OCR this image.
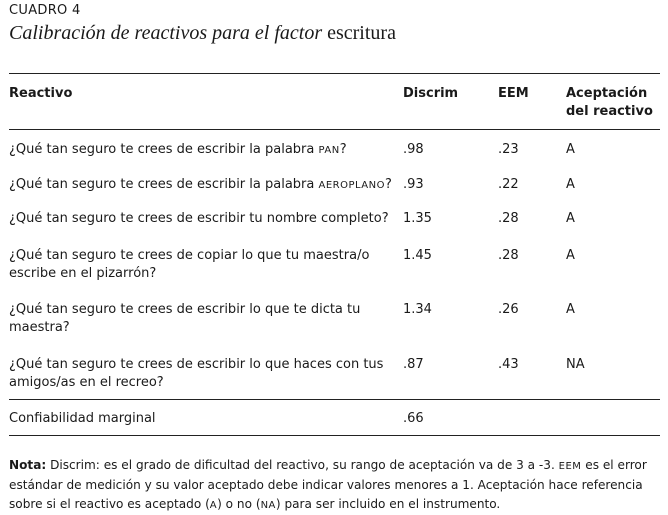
CUADRO 4
Calibración de reactivos para el factor escritura
Reactivo	Discrim	EEM	Aceptación
del reactivo
¿Qué tan seguro te crees de escribir la palabra PAN?	.98	.23	A
¿Qué tan seguro te crees de escribir la palabra AEROPLANO? .93	.22	A
¿Qué tan seguro te crees de escribir tu nombre completo? 1.35	.28	A
¿Qué tan seguro te crees de copiar lo que tu maestra/o
escribe en el pizarrón?
1.45	.28	A
¿Qué tan seguro te crees de escribir lo que te dicta tu
maestra?
1.34	.26	A
¿Qué tan seguro te crees de escribir lo que haces con tus
amigos/as en el recreo?
.87	.43	NA
Confiabilidad marginal	.66
Nota: Discrim: es el grado de dificultad del reactivo, su rango de aceptación va de 3 a -3. EEM es el error estándar de medición y su valor aceptado debe indicar valores menores a 1. Aceptación hace referencia sobre si el reactivo es aceptado (A) o no (NA) para ser incluido en el instrumento.
